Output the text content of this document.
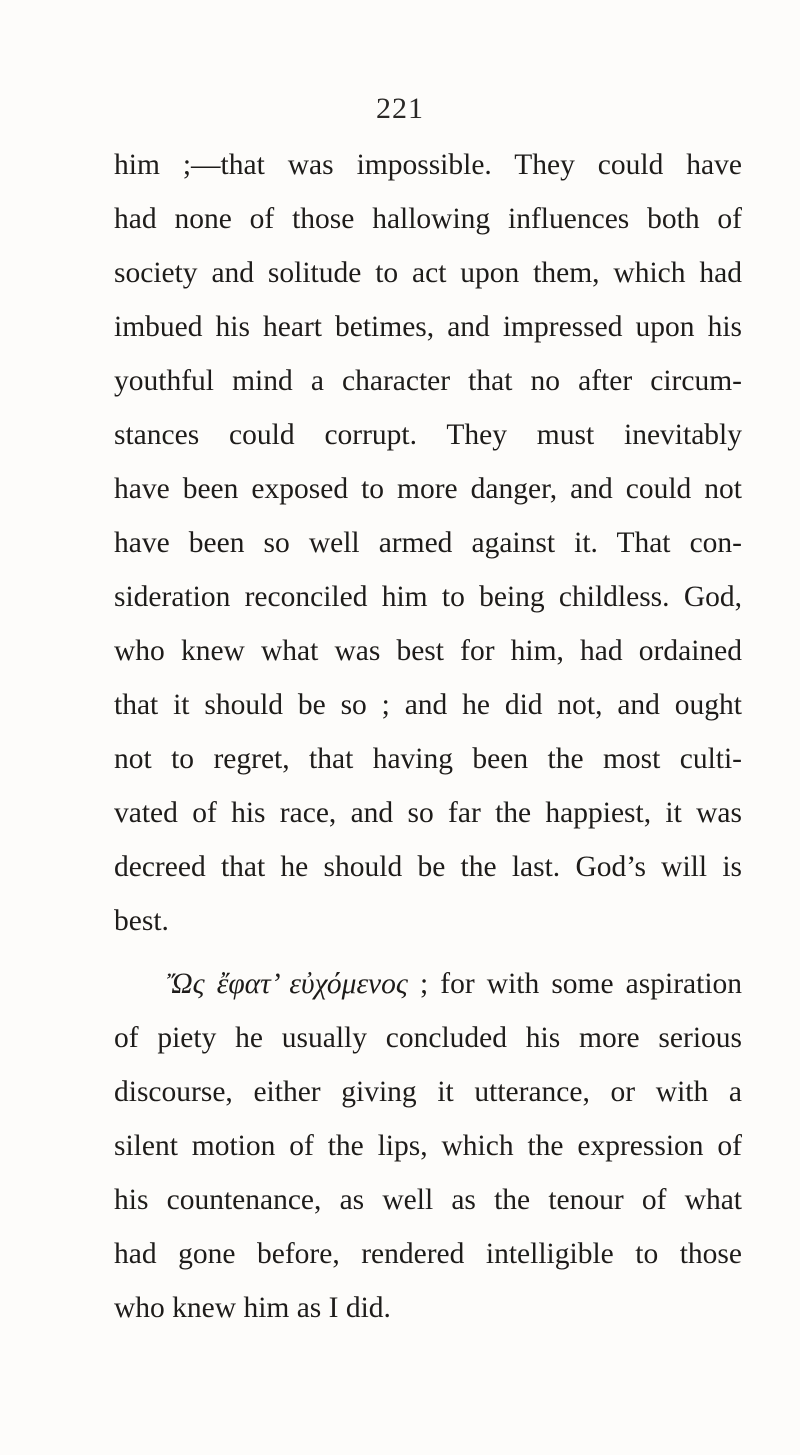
221
him ;—that was impossible. They could have
had none of those hallowing influences both of
society and solitude to act upon them, which had
imbued his heart betimes, and impressed upon his
youthful mind a character that no after circum-
stances could corrupt. They must inevitably
have been exposed to more danger, and could not
have been so well armed against it. That con-
sideration reconciled him to being childless. God,
who knew what was best for him, had ordained
that it should be so ; and he did not, and ought
not to regret, that having been the most culti-
vated of his race, and so far the happiest, it was
decreed that he should be the last. God’s will is
best.
Ὤς ἔφατ’ εὐχόμενος ; for with some aspiration
of piety he usually concluded his more serious
discourse, either giving it utterance, or with a
silent motion of the lips, which the expression of
his countenance, as well as the tenour of what
had gone before, rendered intelligible to those
who knew him as I did.
